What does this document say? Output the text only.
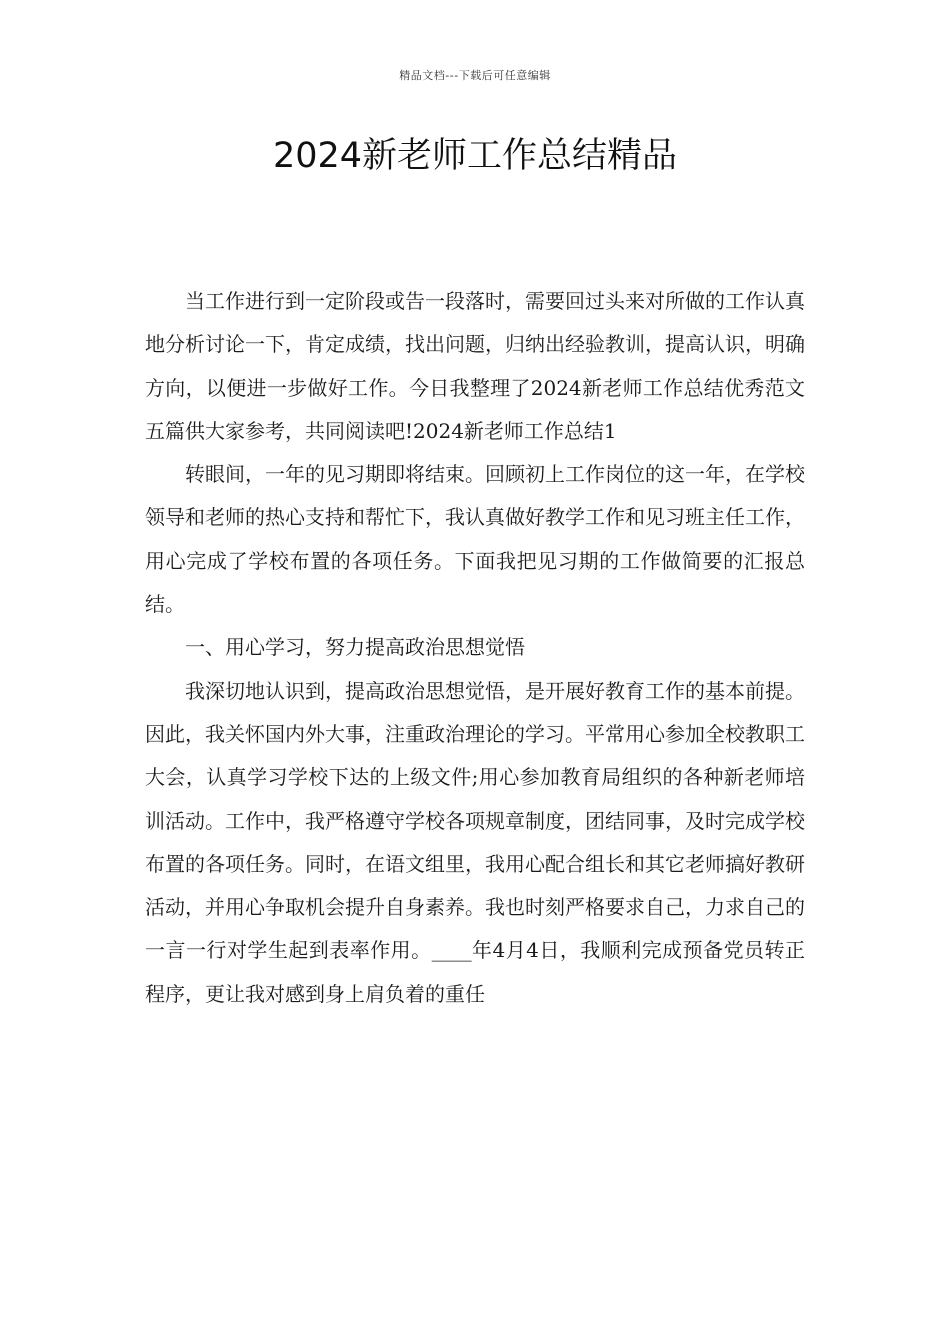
精品文档---下载后可任意编辑
2024新老师工作总结精品

当工作进行到一定阶段或告一段落时，需要回过头来对所做的工作认真地分析讨论一下，肯定成绩，找出问题，归纳出经验教训，提高认识，明确方向，以便进一步做好工作。今日我整理了2024新老师工作总结优秀范文五篇供大家参考，共同阅读吧!2024新老师工作总结1

转眼间，一年的见习期即将结束。回顾初上工作岗位的这一年，在学校领导和老师的热心支持和帮忙下，我认真做好教学工作和见习班主任工作，用心完成了学校布置的各项任务。下面我把见习期的工作做简要的汇报总结。

一、用心学习，努力提高政治思想觉悟

我深切地认识到，提高政治思想觉悟，是开展好教育工作的基本前提。因此，我关怀国内外大事，注重政治理论的学习。平常用心参加全校教职工大会，认真学习学校下达的上级文件;用心参加教育局组织的各种新老师培训活动。工作中，我严格遵守学校各项规章制度，团结同事，及时完成学校布置的各项任务。同时，在语文组里，我用心配合组长和其它老师搞好教研活动，并用心争取机会提升自身素养。我也时刻严格要求自己，力求自己的一言一行对学生起到表率作用。____年4月4日，我顺利完成预备党员转正程序，更让我对感到身上肩负着的重任
